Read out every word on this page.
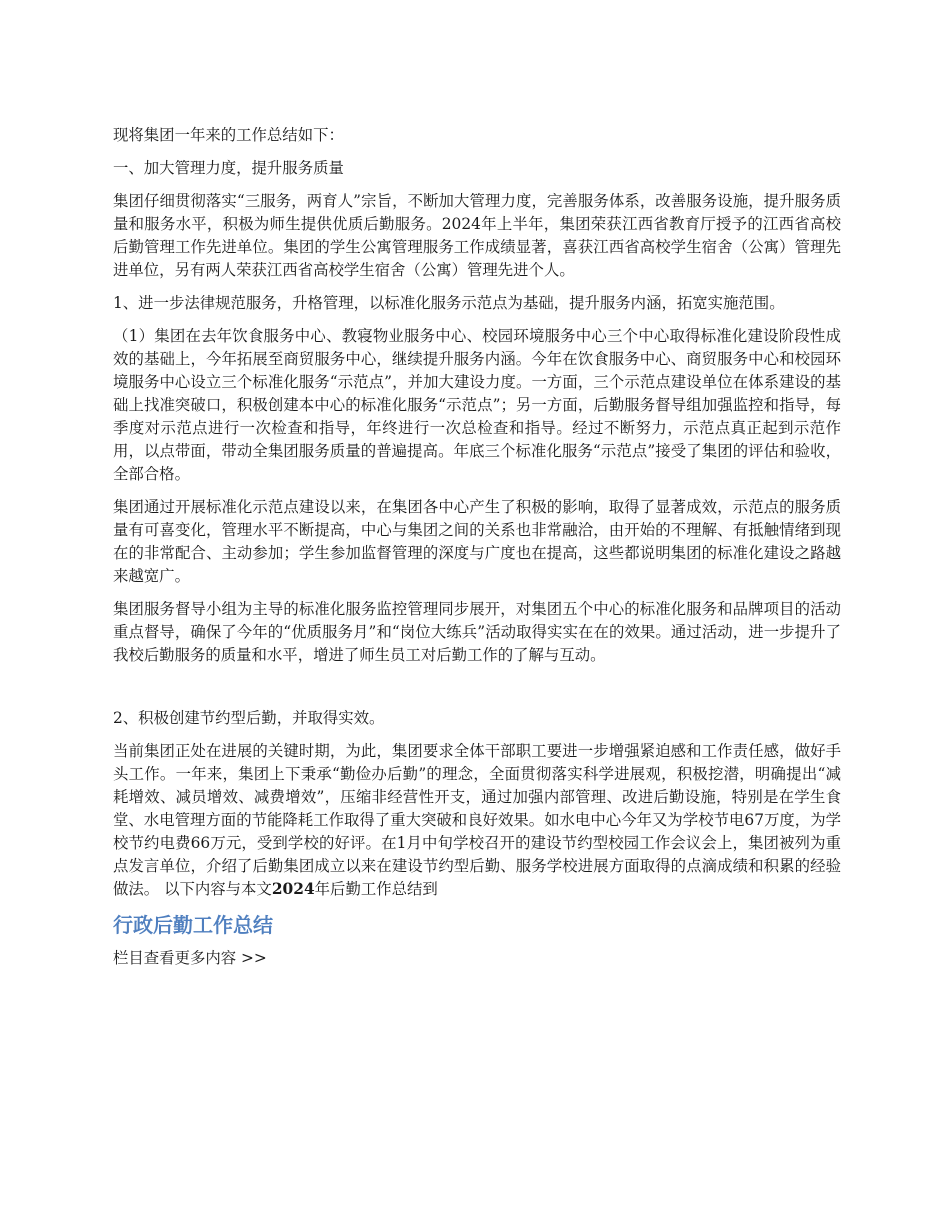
现将集团一年来的工作总结如下：

一、加大管理力度，提升服务质量

集团仔细贯彻落实“三服务，两育人”宗旨，不断加大管理力度，完善服务体系，改善服务设施，提升服务质量和服务水平，积极为师生提供优质后勤服务。2024年上半年，集团荣获江西省教育厅授予的江西省高校后勤管理工作先进单位。集团的学生公寓管理服务工作成绩显著，喜获江西省高校学生宿舍（公寓）管理先进单位，另有两人荣获江西省高校学生宿舍（公寓）管理先进个人。

1、进一步法律规范服务，升格管理，以标准化服务示范点为基础，提升服务内涵，拓宽实施范围。

（1）集团在去年饮食服务中心、教寝物业服务中心、校园环境服务中心三个中心取得标准化建设阶段性成效的基础上，今年拓展至商贸服务中心，继续提升服务内涵。今年在饮食服务中心、商贸服务中心和校园环境服务中心设立三个标准化服务“示范点”，并加大建设力度。一方面，三个示范点建设单位在体系建设的基础上找准突破口，积极创建本中心的标准化服务“示范点”；另一方面，后勤服务督导组加强监控和指导，每季度对示范点进行一次检查和指导，年终进行一次总检查和指导。经过不断努力，示范点真正起到示范作用，以点带面，带动全集团服务质量的普遍提高。年底三个标准化服务“示范点”接受了集团的评估和验收，全部合格。

集团通过开展标准化示范点建设以来，在集团各中心产生了积极的影响，取得了显著成效，示范点的服务质量有可喜变化，管理水平不断提高，中心与集团之间的关系也非常融洽，由开始的不理解、有抵触情绪到现在的非常配合、主动参加；学生参加监督管理的深度与广度也在提高，这些都说明集团的标准化建设之路越来越宽广。

集团服务督导小组为主导的标准化服务监控管理同步展开，对集团五个中心的标准化服务和品牌项目的活动重点督导，确保了今年的“优质服务月”和“岗位大练兵”活动取得实实在在的效果。通过活动，进一步提升了我校后勤服务的质量和水平，增进了师生员工对后勤工作的了解与互动。

2、积极创建节约型后勤，并取得实效。

当前集团正处在进展的关键时期，为此，集团要求全体干部职工要进一步增强紧迫感和工作责任感，做好手头工作。一年来，集团上下秉承“勤俭办后勤”的理念，全面贯彻落实科学进展观，积极挖潜，明确提出“减耗增效、减员增效、减费增效”，压缩非经营性开支，通过加强内部管理、改进后勤设施，特别是在学生食堂、水电管理方面的节能降耗工作取得了重大突破和良好效果。如水电中心今年又为学校节电67万度，为学校节约电费66万元，受到学校的好评。在1月中旬学校召开的建设节约型校园工作会议会上，集团被列为重点发言单位，介绍了后勤集团成立以来在建设节约型后勤、服务学校进展方面取得的点滴成绩和积累的经验做法。 以下内容与本文2024年后勤工作总结到

行政后勤工作总结

栏目查看更多内容 >>
